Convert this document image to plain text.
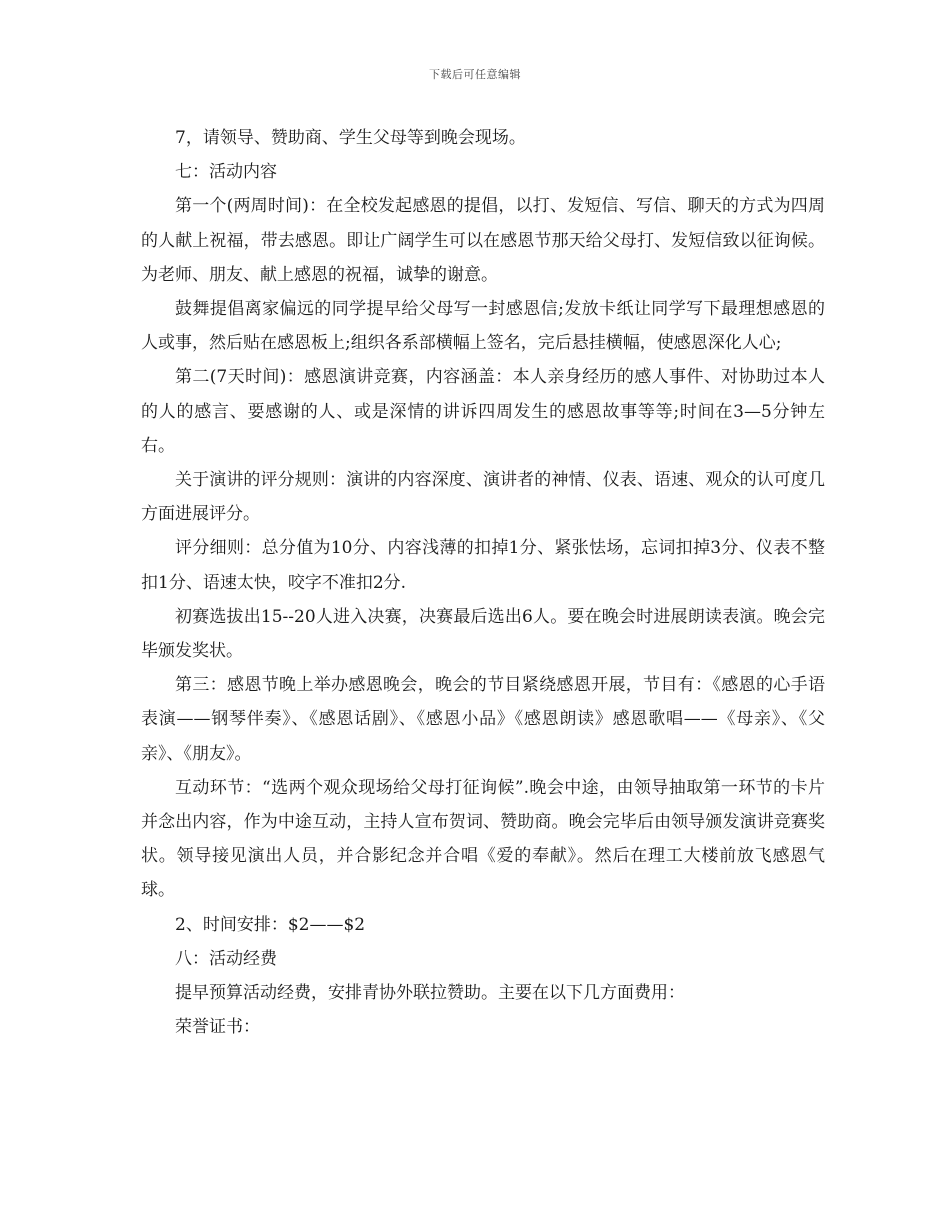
下载后可任意编辑

7，请领导、赞助商、学生父母等到晚会现场。

七：活动内容

第一个(两周时间)：在全校发起感恩的提倡，以打、发短信、写信、聊天的方式为四周的人献上祝福，带去感恩。即让广阔学生可以在感恩节那天给父母打、发短信致以征询候。为老师、朋友、献上感恩的祝福，诚挚的谢意。

鼓舞提倡离家偏远的同学提早给父母写一封感恩信;发放卡纸让同学写下最理想感恩的人或事，然后贴在感恩板上;组织各系部横幅上签名，完后悬挂横幅，使感恩深化人心;

第二(7天时间)：感恩演讲竞赛，内容涵盖：本人亲身经历的感人事件、对协助过本人的人的感言、要感谢的人、或是深情的讲诉四周发生的感恩故事等等;时间在3—5分钟左右。

关于演讲的评分规则：演讲的内容深度、演讲者的神情、仪表、语速、观众的认可度几方面进展评分。

评分细则：总分值为10分、内容浅薄的扣掉1分、紧张怯场，忘词扣掉3分、仪表不整扣1分、语速太快，咬字不准扣2分.

初赛选拔出15--20人进入决赛，决赛最后选出6人。要在晚会时进展朗读表演。晚会完毕颁发奖状。

第三：感恩节晚上举办感恩晚会，晚会的节目紧绕感恩开展，节目有：《感恩的心手语表演——钢琴伴奏》、《感恩话剧》、《感恩小品》《感恩朗读》感恩歌唱——《母亲》、《父亲》、《朋友》。

互动环节：“选两个观众现场给父母打征询候”.晚会中途，由领导抽取第一环节的卡片并念出内容，作为中途互动，主持人宣布贺词、赞助商。晚会完毕后由领导颁发演讲竞赛奖状。领导接见演出人员，并合影纪念并合唱《爱的奉献》。然后在理工大楼前放飞感恩气球。

2、时间安排：$2——$2

八：活动经费

提早预算活动经费，安排青协外联拉赞助。主要在以下几方面费用：

荣誉证书：
